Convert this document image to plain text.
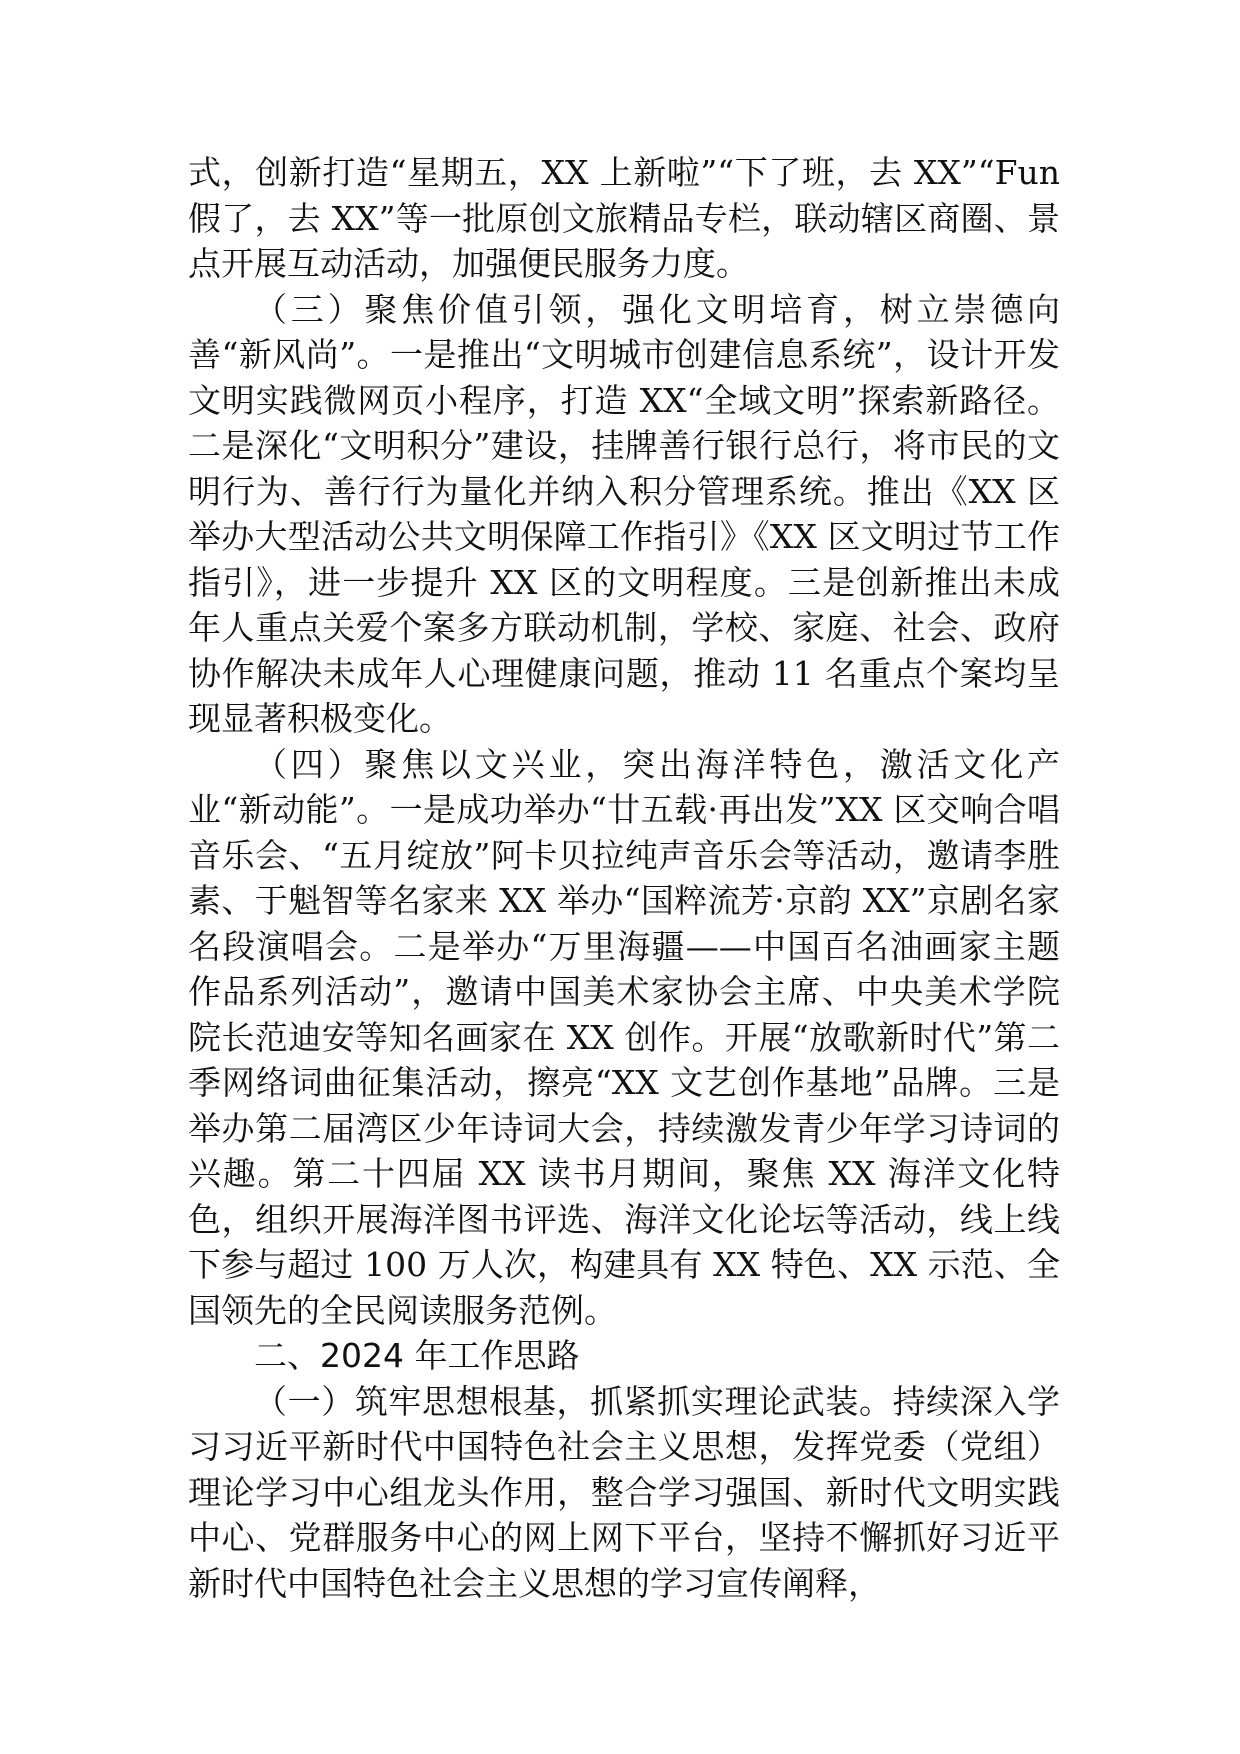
式，创新打造“星期五，XX 上新啦”“下了班，去 XX”“Fun 假了，去 XX”等一批原创文旅精品专栏，联动辖区商圈、景点开展互动活动，加强便民服务力度。

（三）聚焦价值引领，强化文明培育，树立崇德向善“新风尚”。一是推出“文明城市创建信息系统”，设计开发文明实践微网页小程序，打造 XX“全域文明”探索新路径。二是深化“文明积分”建设，挂牌善行银行总行，将市民的文明行为、善行行为量化并纳入积分管理系统。推出《XX 区举办大型活动公共文明保障工作指引》《XX 区文明过节工作指引》，进一步提升 XX 区的文明程度。三是创新推出未成年人重点关爱个案多方联动机制，学校、家庭、社会、政府协作解决未成年人心理健康问题，推动 11 名重点个案均呈现显著积极变化。

（四）聚焦以文兴业，突出海洋特色，激活文化产业“新动能”。一是成功举办“廿五载·再出发”XX 区交响合唱音乐会、“五月绽放”阿卡贝拉纯声音乐会等活动，邀请李胜素、于魁智等名家来 XX 举办“国粹流芳·京韵 XX”京剧名家名段演唱会。二是举办“万里海疆——中国百名油画家主题作品系列活动”，邀请中国美术家协会主席、中央美术学院院长范迪安等知名画家在 XX 创作。开展“放歌新时代”第二季网络词曲征集活动，擦亮“XX 文艺创作基地”品牌。三是举办第二届湾区少年诗词大会，持续激发青少年学习诗词的兴趣。第二十四届 XX 读书月期间，聚焦 XX 海洋文化特色，组织开展海洋图书评选、海洋文化论坛等活动，线上线下参与超过 100 万人次，构建具有 XX 特色、XX 示范、全国领先的全民阅读服务范例。

二、2024 年工作思路

（一）筑牢思想根基，抓紧抓实理论武装。持续深入学习习近平新时代中国特色社会主义思想，发挥党委（党组）理论学习中心组龙头作用，整合学习强国、新时代文明实践中心、党群服务中心的网上网下平台，坚持不懈抓好习近平新时代中国特色社会主义思想的学习宣传阐释，
